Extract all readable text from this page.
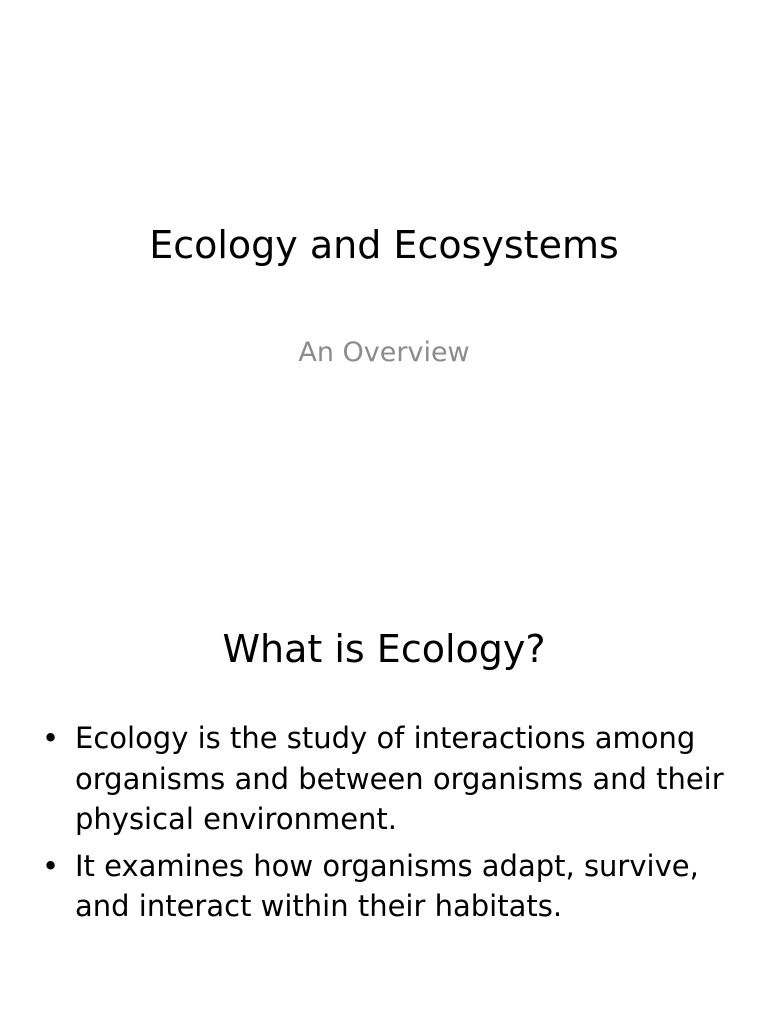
Ecology and Ecosystems

An Overview

What is Ecology?
• Ecology is the study of interactions among organisms and between organisms and their physical environment.
• It examines how organisms adapt, survive, and interact within their habitats.
